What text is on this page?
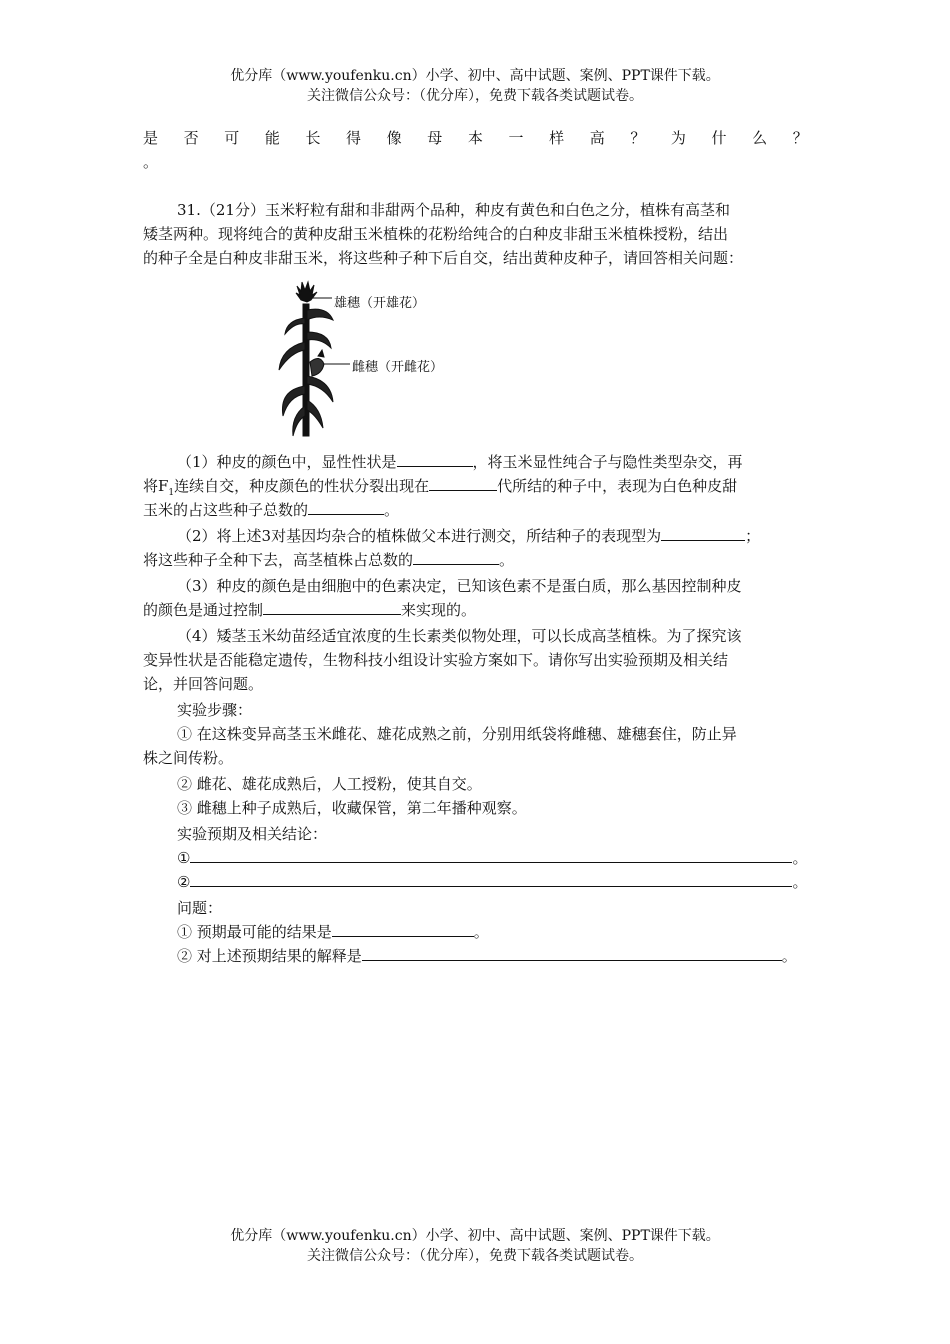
优分库（www.youfenku.cn）小学、初中、高中试题、案例、PPT课件下载。
关注微信公众号：（优分库），免费下载各类试题试卷。
是 否 可 能 长 得 像 母 本 一 样 高 ？ 为 什 么 ？
。
31.（21分）玉米籽粒有甜和非甜两个品种，种皮有黄色和白色之分，植株有高茎和
矮茎两种。现将纯合的黄种皮甜玉米植株的花粉给纯合的白种皮非甜玉米植株授粉，结出
的种子全是白种皮非甜玉米，将这些种子种下后自交，结出黄种皮种子，请回答相关问题：
雄穗（开雄花）
雌穗（开雌花）
（1）种皮的颜色中，显性性状是	，将玉米显性纯合子与隐性类型杂交，再
将$F_1$连续自交，种皮颜色的性状分裂出现在	代所结的种子中，表现为白色种皮甜
玉米的占这些种子总数的	。
（2）将上述3对基因均杂合的植株做父本进行测交，所结种子的表现型为	；
将这些种子全种下去，高茎植株占总数的	。
（3）种皮的颜色是由细胞中的色素决定，已知该色素不是蛋白质，那么基因控制种皮
的颜色是通过控制	来实现的。
（4）矮茎玉米幼苗经适宜浓度的生长素类似物处理，可以长成高茎植株。为了探究该
变异性状是否能稳定遗传，生物科技小组设计实验方案如下。请你写出实验预期及相关结
论，并回答问题。
实验步骤：
① 在这株变异高茎玉米雌花、雄花成熟之前，分别用纸袋将雌穗、雄穗套住，防止异
株之间传粉。
② 雌花、雄花成熟后，人工授粉，使其自交。
③ 雌穗上种子成熟后，收藏保管，第二年播种观察。
实验预期及相关结论：
①	。
②	。
问题：
① 预期最可能的结果是	。
② 对上述预期结果的解释是	。
优分库（www.youfenku.cn）小学、初中、高中试题、案例、PPT课件下载。
关注微信公众号：（优分库），免费下载各类试题试卷。
